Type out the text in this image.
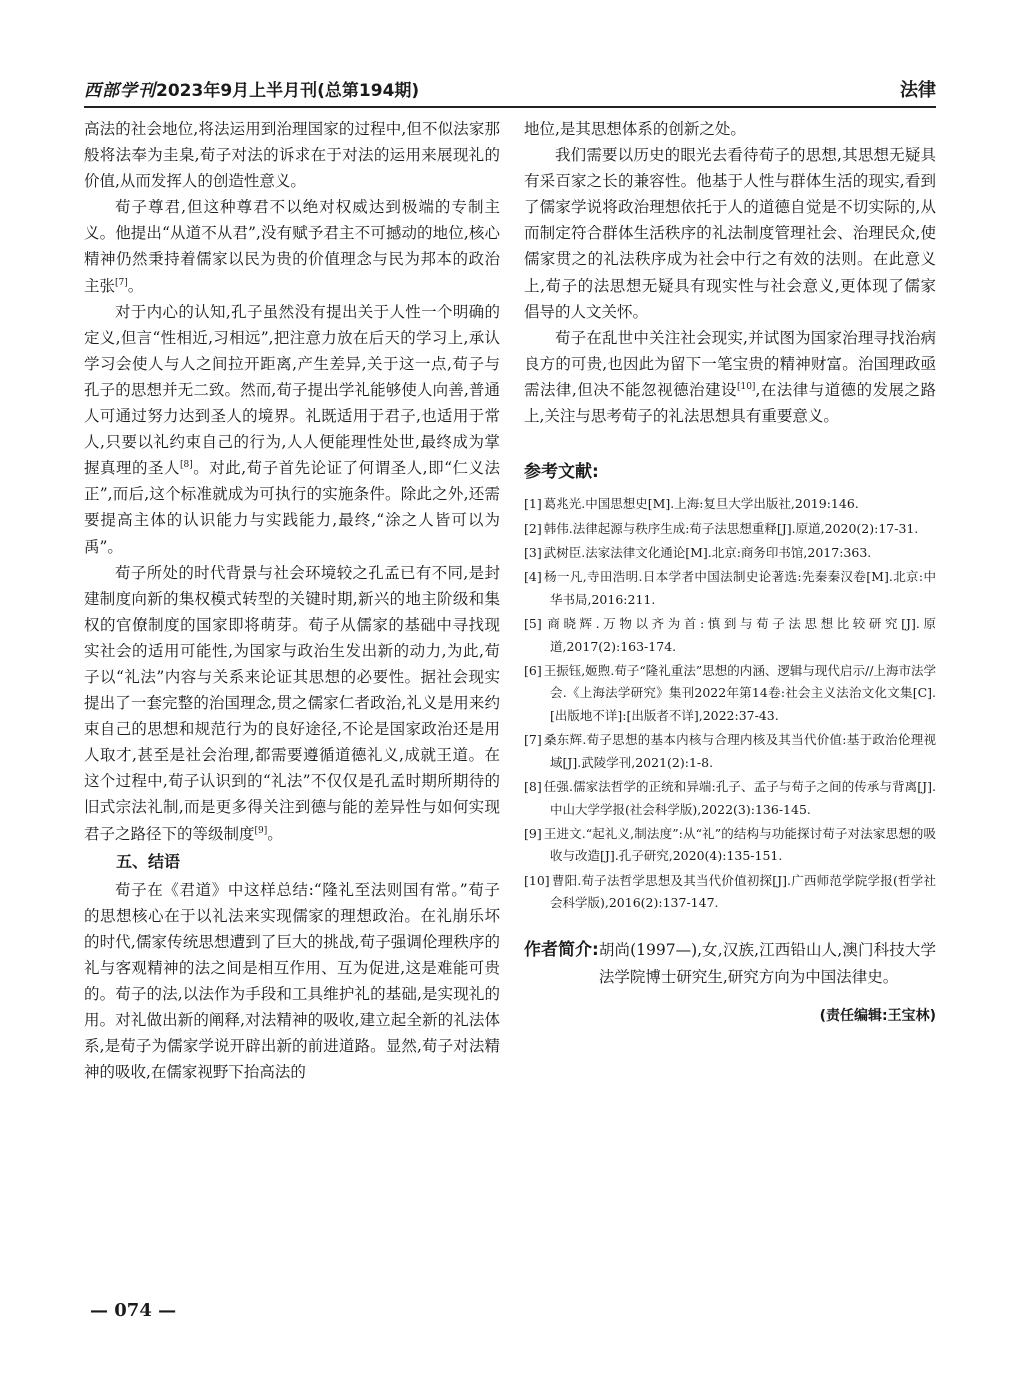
西部学刊 2023年9月上半月刊(总第194期)	法律

高法的社会地位,将法运用到治理国家的过程中,但不似法家那般将法奉为圭臬,荀子对法的诉求在于对法的运用来展现礼的价值,从而发挥人的创造性意义。

荀子尊君,但这种尊君不以绝对权威达到极端的专制主义。他提出“从道不从君”,没有赋予君主不可撼动的地位,核心精神仍然秉持着儒家以民为贵的价值理念与民为邦本的政治主张[7]。

对于内心的认知,孔子虽然没有提出关于人性一个明确的定义,但言“性相近,习相远”,把注意力放在后天的学习上,承认学习会使人与人之间拉开距离,产生差异,关于这一点,荀子与孔子的思想并无二致。然而,荀子提出学礼能够使人向善,普通人可通过努力达到圣人的境界。礼既适用于君子,也适用于常人,只要以礼约束自己的行为,人人便能理性处世,最终成为掌握真理的圣人[8]。对此,荀子首先论证了何谓圣人,即“仁义法正”,而后,这个标准就成为可执行的实施条件。除此之外,还需要提高主体的认识能力与实践能力,最终,“涂之人皆可以为禹”。

荀子所处的时代背景与社会环境较之孔孟已有不同,是封建制度向新的集权模式转型的关键时期,新兴的地主阶级和集权的官僚制度的国家即将萌芽。荀子从儒家的基础中寻找现实社会的适用可能性,为国家与政治生发出新的动力,为此,荀子以“礼法”内容与关系来论证其思想的必要性。据社会现实提出了一套完整的治国理念,贯之儒家仁者政治,礼义是用来约束自己的思想和规范行为的良好途径,不论是国家政治还是用人取才,甚至是社会治理,都需要遵循道德礼义,成就王道。在这个过程中,荀子认识到的“礼法”不仅仅是孔孟时期所期待的旧式宗法礼制,而是更多得关注到德与能的差异性与如何实现君子之路径下的等级制度[9]。

五、结语

荀子在《君道》中这样总结:“隆礼至法则国有常。”荀子的思想核心在于以礼法来实现儒家的理想政治。在礼崩乐坏的时代,儒家传统思想遭到了巨大的挑战,荀子强调伦理秩序的礼与客观精神的法之间是相互作用、互为促进,这是难能可贵的。荀子的法,以法作为手段和工具维护礼的基础,是实现礼的用。对礼做出新的阐释,对法精神的吸收,建立起全新的礼法体系,是荀子为儒家学说开辟出新的前进道路。显然,荀子对法精神的吸收,在儒家视野下抬高法的

地位,是其思想体系的创新之处。

我们需要以历史的眼光去看待荀子的思想,其思想无疑具有采百家之长的兼容性。他基于人性与群体生活的现实,看到了儒家学说将政治理想依托于人的道德自觉是不切实际的,从而制定符合群体生活秩序的礼法制度管理社会、治理民众,使儒家贯之的礼法秩序成为社会中行之有效的法则。在此意义上,荀子的法思想无疑具有现实性与社会意义,更体现了儒家倡导的人文关怀。

荀子在乱世中关注社会现实,并试图为国家治理寻找治病良方的可贵,也因此为留下一笔宝贵的精神财富。治国理政亟需法律,但决不能忽视德治建设[10],在法律与道德的发展之路上,关注与思考荀子的礼法思想具有重要意义。

参考文献:
[1] 葛兆光.中国思想史[M].上海:复旦大学出版社,2019:146.
[2] 韩伟.法律起源与秩序生成:荀子法思想重释[J].原道,2020(2):17-31.
[3] 武树臣.法家法律文化通论[M].北京:商务印书馆,2017:363.
[4] 杨一凡,寺田浩明.日本学者中国法制史论著选:先秦秦汉卷[M].北京:中华书局,2016:211.
[5] 商晓辉.万物以齐为首:慎到与荀子法思想比较研究[J].原道,2017(2):163-174.
[6] 王振钰,姬煦.荀子“隆礼重法”思想的内涵、逻辑与现代启示//上海市法学会.《上海法学研究》集刊2022年第14卷:社会主义法治文化文集[C].[出版地不详]:[出版者不详],2022:37-43.
[7] 桑东辉.荀子思想的基本内核与合理内核及其当代价值:基于政治伦理视域[J].武陵学刊,2021(2):1-8.
[8] 任强.儒家法哲学的正统和异端:孔子、孟子与荀子之间的传承与背离[J].中山大学学报(社会科学版),2022(3):136-145.
[9] 王进文.“起礼义,制法度”:从“礼”的结构与功能探讨荀子对法家思想的吸收与改造[J].孔子研究,2020(4):135-151.
[10] 曹阳.荀子法哲学思想及其当代价值初探[J].广西师范学院学报(哲学社会科学版),2016(2):137-147.
作者简介: 胡尚(1997—),女,汉族,江西铅山人,澳门科技大学法学院博士研究生,研究方向为中国法律史。
(责任编辑:王宝林)
— 074 —
